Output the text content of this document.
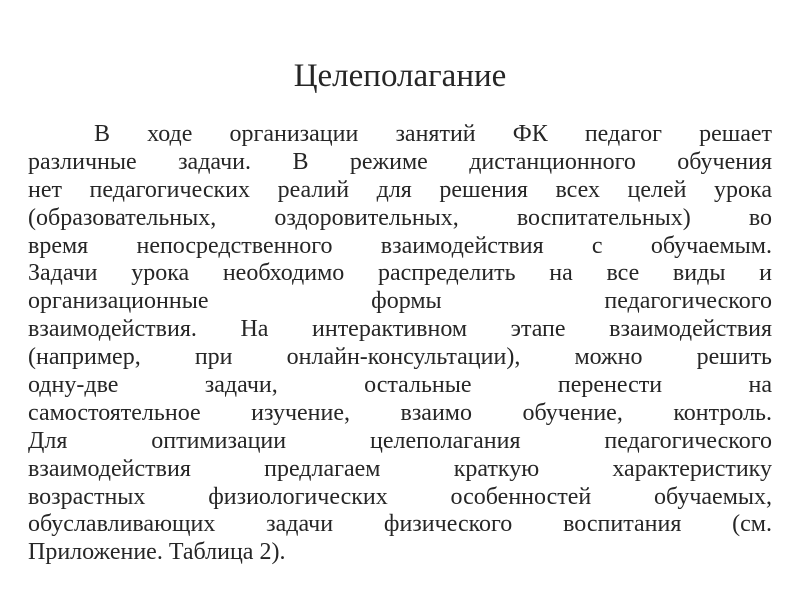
Целеполагание
В ходе организации занятий ФК педагог решает
различные задачи. В режиме дистанционного обучения
нет педагогических реалий для решения всех целей урока
(образовательных, оздоровительных, воспитательных) во
время непосредственного взаимодействия с обучаемым.
Задачи урока необходимо распределить на все виды и
организационные формы педагогического
взаимодействия. На интерактивном этапе взаимодействия
(например, при онлайн-консультации), можно решить
одну-две задачи, остальные перенести на
самостоятельное изучение, взаимо обучение, контроль.
Для оптимизации целеполагания педагогического
взаимодействия предлагаем краткую характеристику
возрастных физиологических особенностей обучаемых,
обуславливающих задачи физического воспитания (см.
Приложение. Таблица 2).
